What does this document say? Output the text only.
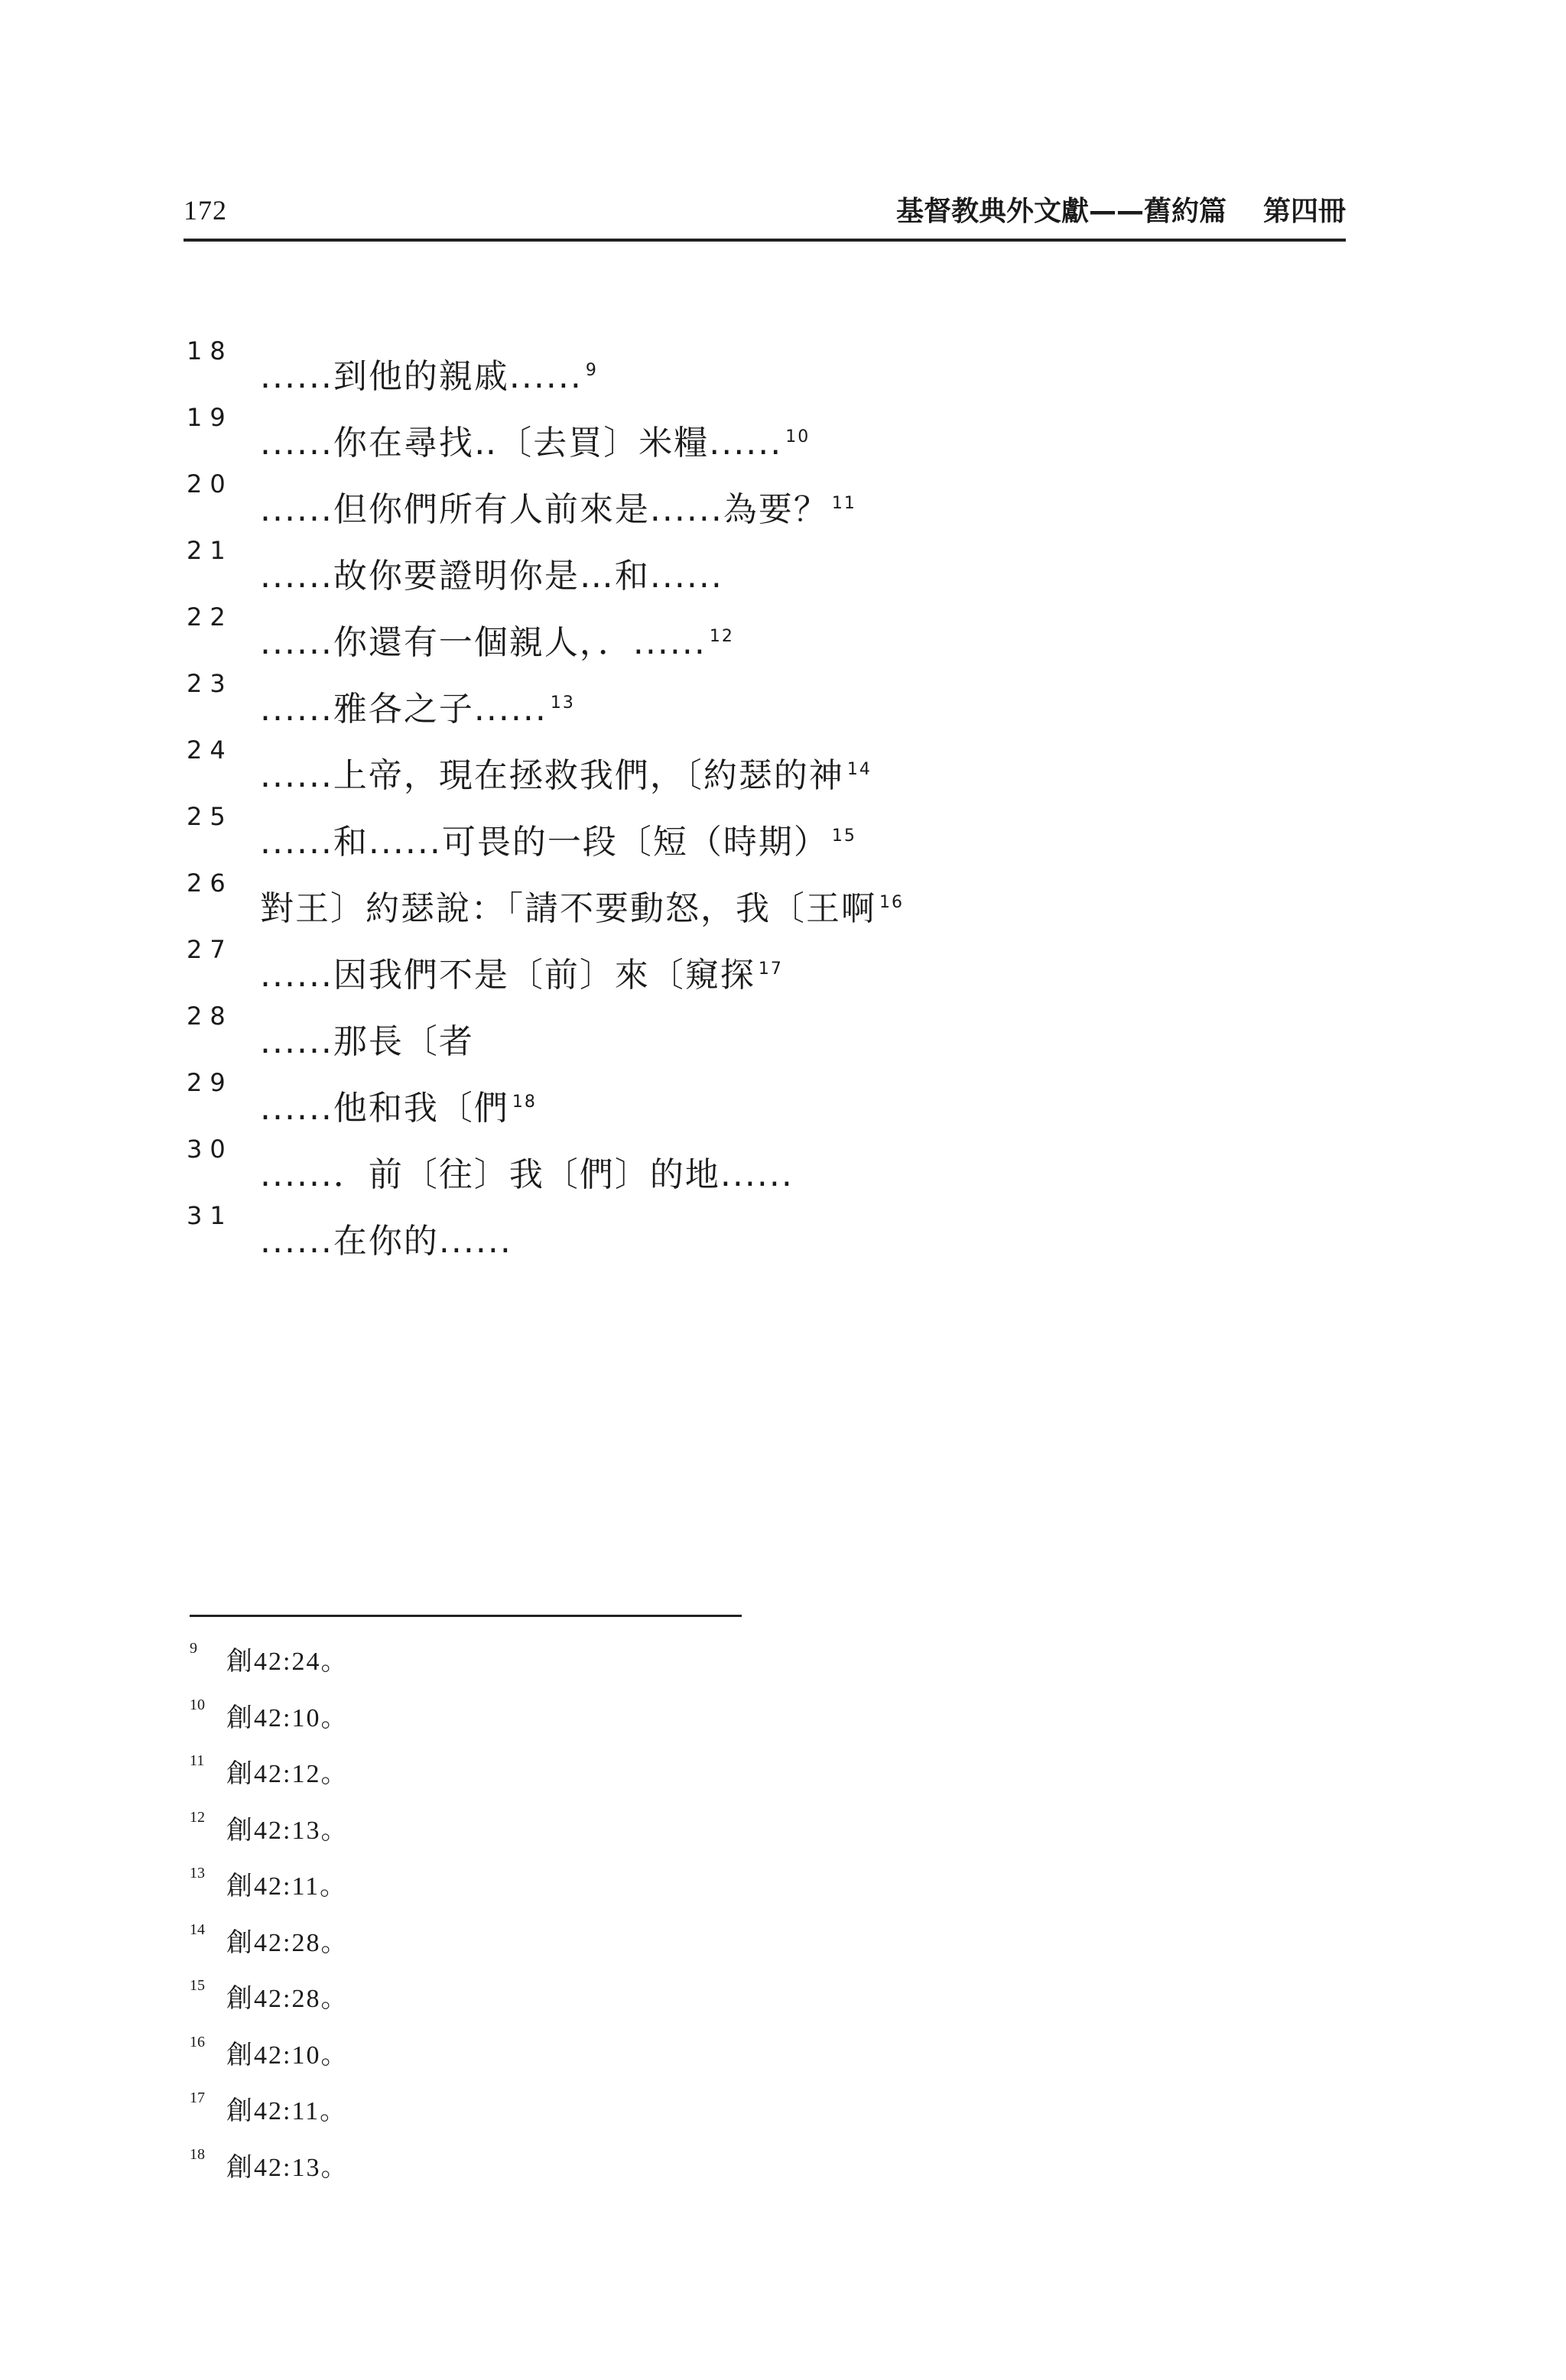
172	基督教典外文獻——舊約篇 第四冊
18
......到他的親戚...... $^9$
19
......你在尋找‥〔去買〕米糧...... $^{10}$
20
......但你們所有人前來是......為要？ $^{11}$
21
......故你要證明你是…和......
22
......你還有一個親人，．...... $^{12}$
23
......雅各之子...... $^{13}$
24
......上帝，現在拯救我們，〔約瑟的神 $^{14}$
25
......和......可畏的一段〔短（時期） $^{15}$
26
對王〕約瑟說：「請不要動怒，我〔王啊 $^{16}$
27
......因我們不是〔前〕來〔窺探 $^{17}$
28
......那長〔者
29
......他和我〔們 $^{18}$
30
......．前〔往〕我〔們〕的地......
31
......在你的......
9	創42:24。
10 創42:10。
11 創42:12。
12 創42:13。
13 創42:11。
14 創42:28。
15 創42:28。
16 創42:10。
17 創42:11。
18 創42:13。
